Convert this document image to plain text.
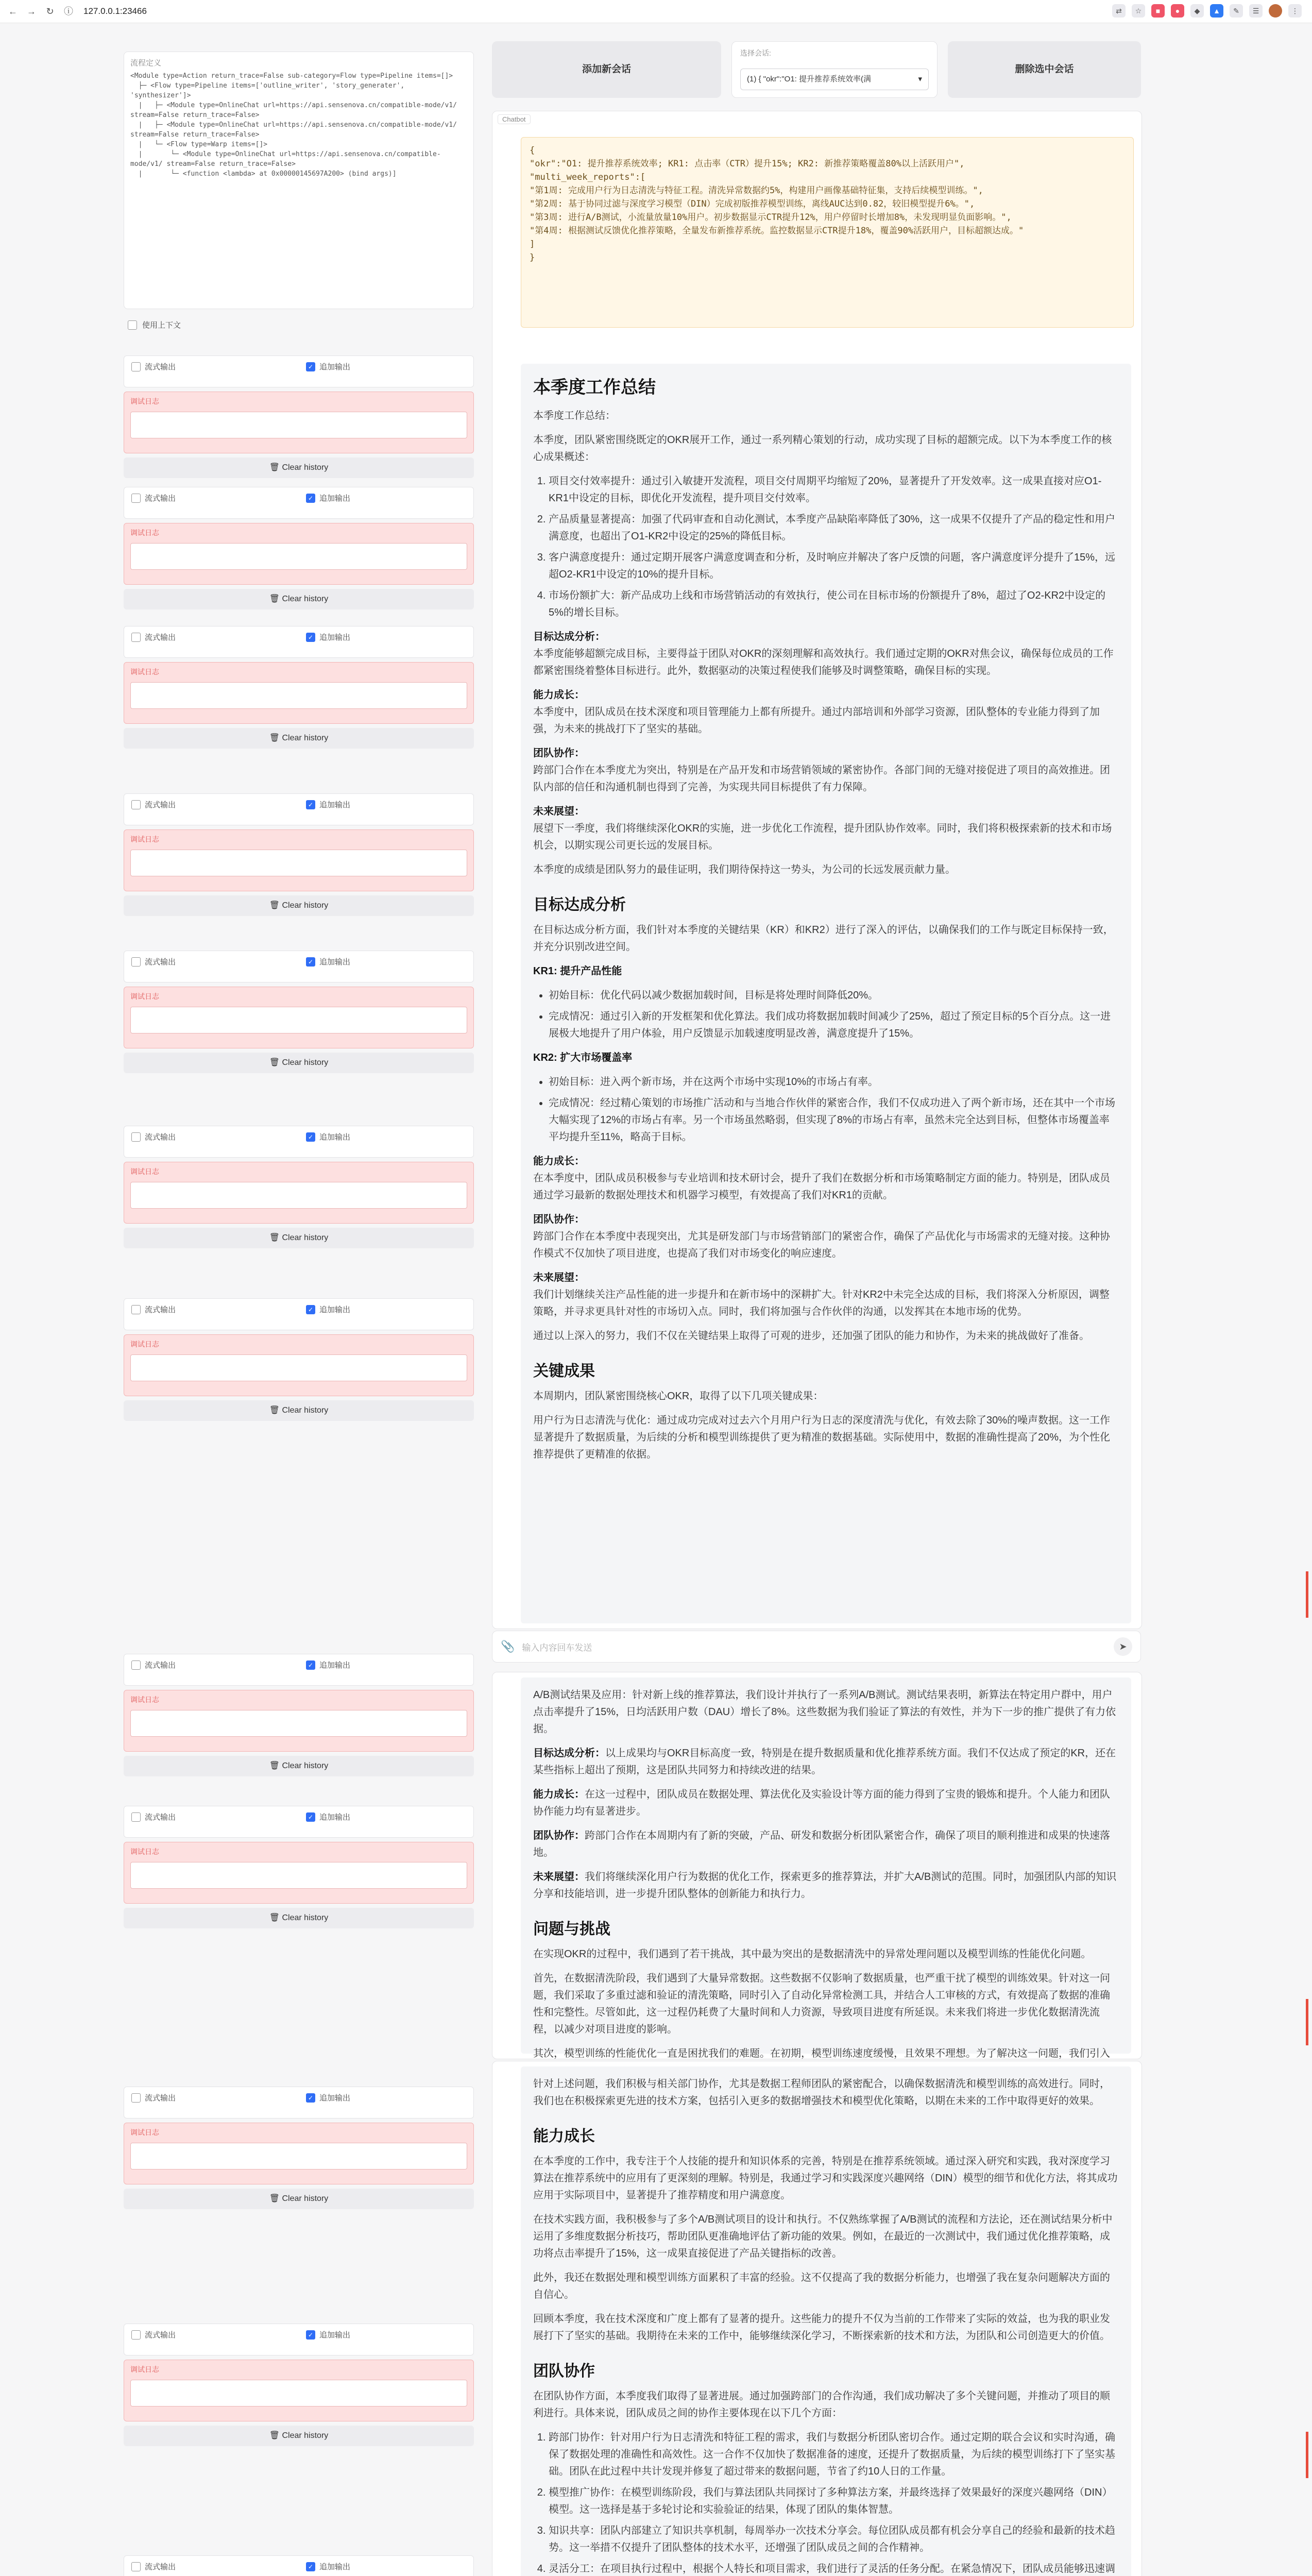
← → ↻ ⓘ 127.0.0.1:23466	⇄	☆	■	●	◆	▲	✎	☰	⋮
流程定义
<Module type=Action return_trace=False sub-category=Flow type=Pipeline items=[]>
├─ <Flow type=Pipeline items=['outline_writer', 'story_generater', 'synthesizer']>
|   ├─ <Module type=OnlineChat url=https://api.sensenova.cn/compatible-mode/v1/ stream=False return_trace=False>
|   ├─ <Module type=OnlineChat url=https://api.sensenova.cn/compatible-mode/v1/ stream=False return_trace=False>
|   └─ <Flow type=Warp items=[]>
|       └─ <Module type=OnlineChat url=https://api.sensenova.cn/compatible-mode/v1/ stream=False return_trace=False>
|       └─ <function <lambda> at 0x00000145697A200> (bind args)]
使用上下文
流式输出	✓ 追加输出
调试日志
🗑 Clear history
流式输出	✓ 追加输出
调试日志
🗑 Clear history
流式输出	✓ 追加输出
调试日志
🗑 Clear history
流式输出	✓ 追加输出
调试日志
🗑 Clear history
流式输出	✓ 追加输出
调试日志
🗑 Clear history
流式输出	✓ 追加输出
调试日志
🗑 Clear history
流式输出	✓ 追加输出
调试日志
🗑 Clear history
流式输出	✓ 追加输出
调试日志
🗑 Clear history
流式输出	✓ 追加输出
调试日志
🗑 Clear history
流式输出	✓ 追加输出
调试日志
🗑 Clear history
流式输出	✓ 追加输出
调试日志
🗑 Clear history
流式输出	✓ 追加输出
添加新会话
选择会话:
(1) { "okr":"O1: 提升推荐系统效率(满	▾
删除选中会话
Chatbot
{
"okr":"O1: 提升推荐系统效率; KR1: 点击率（CTR）提升15%; KR2: 新推荐策略覆盖80%以上活跃用户",
"multi_week_reports":[
"第1周: 完成用户行为日志清洗与特征工程。清洗异常数据约5%，构建用户画像基础特征集，支持后续模型训练。",
"第2周: 基于协同过滤与深度学习模型（DIN）完成初版推荐模型训练，离线AUC达到0.82，较旧模型提升6%。",
"第3周: 进行A/B测试，小流量放量10%用户。初步数据显示CTR提升12%，用户停留时长增加8%，未发现明显负面影响。",
"第4周: 根据测试反馈优化推荐策略，全量发布新推荐系统。监控数据显示CTR提升18%，覆盖90%活跃用户，目标超额达成。"
]
}
本季度工作总结

本季度工作总结：

本季度，团队紧密围绕既定的OKR展开工作，通过一系列精心策划的行动，成功实现了目标的超额完成。以下为本季度工作的核心成果概述：

1. 项目交付效率提升：通过引入敏捷开发流程，项目交付周期平均缩短了20%，显著提升了开发效率。这一成果直接对应O1-KR1中设定的目标，即优化开发流程，提升项目交付效率。
2. 产品质量显著提高：加强了代码审查和自动化测试，本季度产品缺陷率降低了30%，这一成果不仅提升了产品的稳定性和用户满意度，也超出了O1-KR2中设定的25%的降低目标。
3. 客户满意度提升：通过定期开展客户满意度调查和分析，及时响应并解决了客户反馈的问题，客户满意度评分提升了15%，远超O2-KR1中设定的10%的提升目标。
4. 市场份额扩大：新产品成功上线和市场营销活动的有效执行，使公司在目标市场的份额提升了8%，超过了O2-KR2中设定的5%的增长目标。

目标达成分析：
本季度能够超额完成目标，主要得益于团队对OKR的深刻理解和高效执行。我们通过定期的OKR对焦会议，确保每位成员的工作都紧密围绕着整体目标进行。此外，数据驱动的决策过程使我们能够及时调整策略，确保目标的实现。

能力成长：
本季度中，团队成员在技术深度和项目管理能力上都有所提升。通过内部培训和外部学习资源，团队整体的专业能力得到了加强，为未来的挑战打下了坚实的基础。

团队协作：
跨部门合作在本季度尤为突出，特别是在产品开发和市场营销领域的紧密协作。各部门间的无缝对接促进了项目的高效推进。团队内部的信任和沟通机制也得到了完善，为实现共同目标提供了有力保障。

未来展望：
展望下一季度，我们将继续深化OKR的实施，进一步优化工作流程，提升团队协作效率。同时，我们将积极探索新的技术和市场机会，以期实现公司更长远的发展目标。

本季度的成绩是团队努力的最佳证明，我们期待保持这一势头，为公司的长远发展贡献力量。

目标达成分析

在目标达成分析方面，我们针对本季度的关键结果（KR）和KR2）进行了深入的评估，以确保我们的工作与既定目标保持一致，并充分识别改进空间。

KR1: 提升产品性能

• 初始目标：优化代码以减少数据加载时间，目标是将处理时间降低20%。
• 完成情况：通过引入新的开发框架和优化算法。我们成功将数据加载时间减少了25%，超过了预定目标的5个百分点。这一进展极大地提升了用户体验，用户反馈显示加载速度明显改善，满意度提升了15%。

KR2: 扩大市场覆盖率

• 初始目标：进入两个新市场，并在这两个市场中实现10%的市场占有率。
• 完成情况：经过精心策划的市场推广活动和与当地合作伙伴的紧密合作，我们不仅成功进入了两个新市场，还在其中一个市场大幅实现了12%的市场占有率。另一个市场虽然略弱，但实现了8%的市场占有率，虽然未完全达到目标，但整体市场覆盖率平均提升至11%，略高于目标。

能力成长：
在本季度中，团队成员积极参与专业培训和技术研讨会，提升了我们在数据分析和市场策略制定方面的能力。特别是，团队成员通过学习最新的数据处理技术和机器学习模型，有效提高了我们对KR1的贡献。

团队协作：
跨部门合作在本季度中表现突出，尤其是研发部门与市场营销部门的紧密合作，确保了产品优化与市场需求的无缝对接。这种协作模式不仅加快了项目进度，也提高了我们对市场变化的响应速度。

未来展望：
我们计划继续关注产品性能的进一步提升和在新市场中的深耕扩大。针对KR2中未完全达成的目标，我们将深入分析原因，调整策略，并寻求更具针对性的市场切入点。同时，我们将加强与合作伙伴的沟通，以发挥其在本地市场的优势。

通过以上深入的努力，我们不仅在关键结果上取得了可观的进步，还加强了团队的能力和协作，为未来的挑战做好了准备。

关键成果

本周期内，团队紧密围绕核心OKR，取得了以下几项关键成果：

用户行为日志清洗与优化：通过成功完成对过去六个月用户行为日志的深度清洗与优化，有效去除了30%的噪声数据。这一工作显著提升了数据质量，为后续的分析和模型训练提供了更为精准的数据基础。实际使用中，数据的准确性提高了20%，为个性化推荐提供了更精准的依据。

📎 输入内容回车发送	➤

A/B测试结果及应用：针对新上线的推荐算法，我们设计并执行了一系列A/B测试。测试结果表明，新算法在特定用户群中，用户点击率提升了15%，日均活跃用户数（DAU）增长了8%。这些数据为我们验证了算法的有效性，并为下一步的推广提供了有力依据。

目标达成分析：以上成果均与OKR目标高度一致，特别是在提升数据质量和优化推荐系统方面。我们不仅达成了预定的KR，还在某些指标上超出了预期，这是团队共同努力和持续改进的结果。

能力成长：在这一过程中，团队成员在数据处理、算法优化及实验设计等方面的能力得到了宝贵的锻炼和提升。个人能力和团队协作能力均有显著进步。

团队协作：跨部门合作在本周期内有了新的突破，产品、研发和数据分析团队紧密合作，确保了项目的顺利推进和成果的快速落地。

未来展望：我们将继续深化用户行为数据的优化工作，探索更多的推荐算法，并扩大A/B测试的范围。同时，加强团队内部的知识分享和技能培训，进一步提升团队整体的创新能力和执行力。

问题与挑战

在实现OKR的过程中，我们遇到了若干挑战，其中最为突出的是数据清洗中的异常处理问题以及模型训练的性能优化问题。

首先，在数据清洗阶段，我们遇到了大量异常数据。这些数据不仅影响了数据质量，也严重干扰了模型的训练效果。针对这一问题，我们采取了多重过滤和验证的清洗策略，同时引入了自动化异常检测工具，并结合人工审核的方式，有效提高了数据的准确性和完整性。尽管如此，这一过程仍耗费了大量时间和人力资源，导致项目进度有所延误。未来我们将进一步优化数据清洗流程，以减少对项目进度的影响。

其次，模型训练的性能优化一直是困扰我们的难题。在初期，模型训练速度缓慢，且效果不理想。为了解决这一问题，我们引入

针对上述问题，我们积极与相关部门协作，尤其是数据工程师团队的紧密配合，以确保数据清洗和模型训练的高效进行。同时，我们也在积极探索更先进的技术方案，包括引入更多的数据增强技术和模型优化策略，以期在未来的工作中取得更好的效果。

能力成长

在本季度的工作中，我专注于个人技能的提升和知识体系的完善，特别是在推荐系统领域。通过深入研究和实践，我对深度学习算法在推荐系统中的应用有了更深刻的理解。特别是，我通过学习和实践深度兴趣网络（DIN）模型的细节和优化方法，将其成功应用于实际项目中，显著提升了推荐精度和用户满意度。

在技术实践方面，我积极参与了多个A/B测试项目的设计和执行。不仅熟练掌握了A/B测试的流程和方法论，还在测试结果分析中运用了多维度数据分析技巧，帮助团队更准确地评估了新功能的效果。例如，在最近的一次测试中，我们通过优化推荐策略，成功将点击率提升了15%，这一成果直接促进了产品关键指标的改善。

此外，我还在数据处理和模型训练方面累积了丰富的经验。这不仅提高了我的数据分析能力，也增强了我在复杂问题解决方面的自信心。

回顾本季度，我在技术深度和广度上都有了显著的提升。这些能力的提升不仅为当前的工作带来了实际的效益，也为我的职业发展打下了坚实的基础。我期待在未来的工作中，能够继续深化学习，不断探索新的技术和方法，为团队和公司创造更大的价值。

团队协作

在团队协作方面，本季度我们取得了显著进展。通过加强跨部门的合作沟通，我们成功解决了多个关键问题，并推动了项目的顺利进行。具体来说，团队成员之间的协作主要体现在以下几个方面：

1. 跨部门协作：针对用户行为日志清洗和特征工程的需求，我们与数据分析团队密切合作。通过定期的联合会议和实时沟通，确保了数据处理的准确性和高效性。这一合作不仅加快了数据准备的速度，还提升了数据质量，为后续的模型训练打下了坚实基础。团队在此过程中共计发现并修复了超过带来的数据问题，节省了约10人日的工作量。
2. 模型推广协作：在模型训练阶段，我们与算法团队共同探讨了多种算法方案，并最终选择了效果最好的深度兴趣网络（DIN）模型。这一选择是基于多轮讨论和实验验证的结果，体现了团队的集体智慧。
3. 知识共享：团队内部建立了知识共享机制，每周举办一次技术分享会。每位团队成员都有机会分享自己的经验和最新的技术趋势。这一举措不仅提升了团队整体的技术水平，还增强了团队成员之间的合作精神。
4. 灵活分工：在项目执行过程中，根据个人特长和项目需求，我们进行了灵活的任务分配。在紧急情况下，团队成员能够迅速调
